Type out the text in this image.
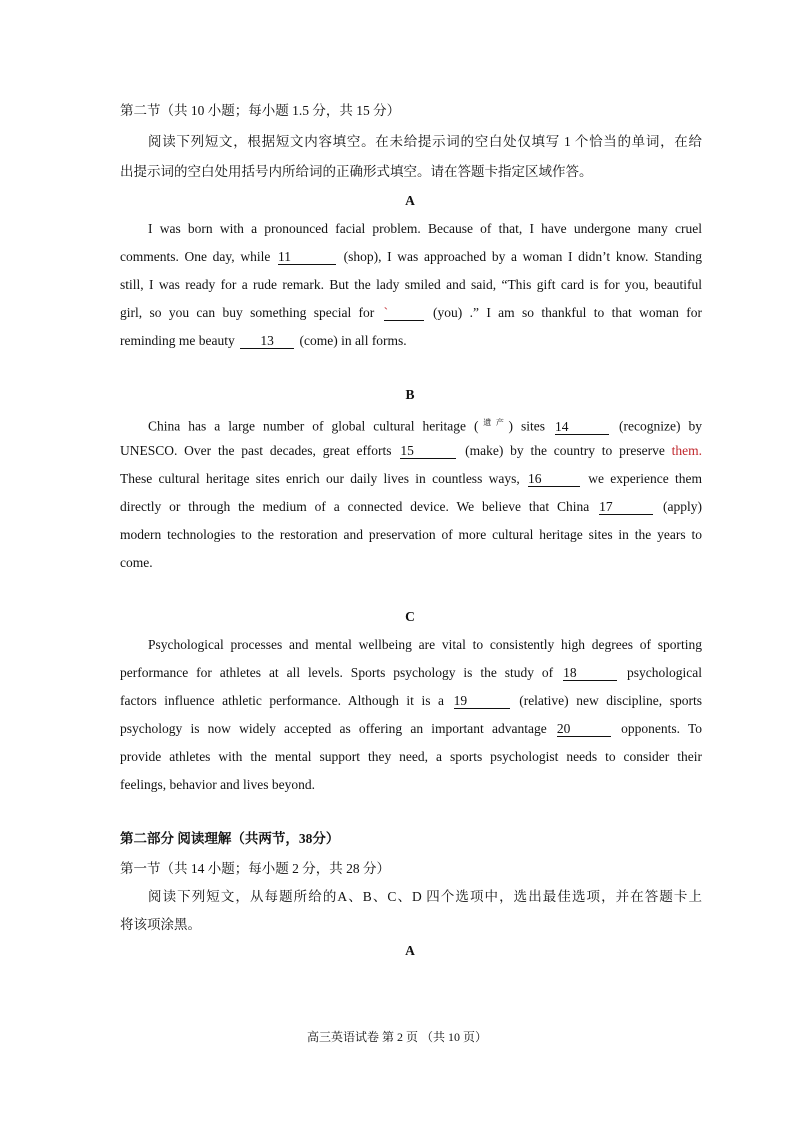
第二节（共 10 小题；每小题 1.5 分，共 15 分）
阅读下列短文，根据短文内容填空。在未给提示词的空白处仅填写 1 个恰当的单词，在给
出提示词的空白处用括号内所给词的正确形式填空。请在答题卡指定区域作答。
A
I was born with a pronounced facial problem. Because of that, I have undergone many cruel
comments. One day, while 11	(shop), I was approached by a woman I didn’t know. Standing
still, I was ready for a rude remark. But the lady smiled and said, “This gift card is for you, beautiful
girl, so you can buy something special for `	(you) .” I am so thankful to that woman for
reminding me beauty 13 (come) in all forms.
B
China has a large number of global cultural heritage ($^{遗产}$) sites 14	(recognize) by
UNESCO. Over the past decades, great efforts 15	(make) by the country to preserve them.
These cultural heritage sites enrich our daily lives in countless ways, 16	we experience them
directly or through the medium of a connected device. We believe that China 17	(apply)
modern technologies to the restoration and preservation of more cultural heritage sites in the years to
come.
C
Psychological processes and mental wellbeing are vital to consistently high degrees of sporting
performance for athletes at all levels. Sports psychology is the study of 18	psychological
factors influence athletic performance. Although it is a 19	(relative) new discipline, sports
psychology is now widely accepted as offering an important advantage 20	opponents. To
provide athletes with the mental support they need, a sports psychologist needs to consider their
feelings, behavior and lives beyond.
第二部分 阅读理解（共两节，38分）
第一节（共 14 小题；每小题 2 分，共 28 分）
阅读下列短文，从每题所给的A、B、C、D 四个选项中，选出最佳选项，并在答题卡上
将该项涂黑。
A
高三英语试卷 第 2 页 （共 10 页）
